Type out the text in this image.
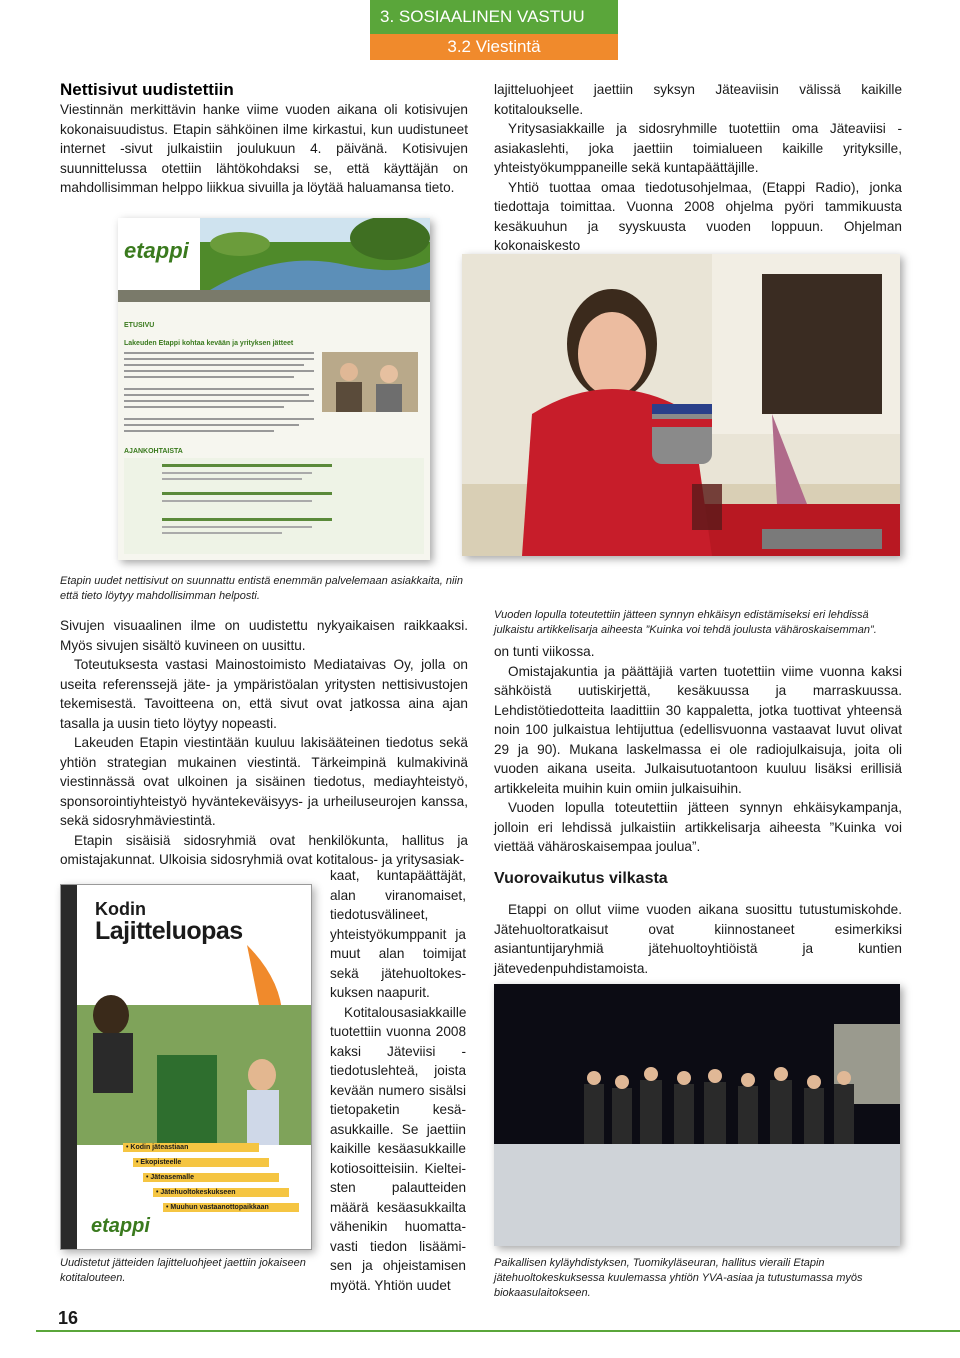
3. SOSIAALINEN VASTUU
3.2 Viestintä
Nettisivut uudistettiin

Viestinnän merkittävin hanke viime vuoden aikana oli kotisivujen kokonaisuudistus. Etapin sähköinen ilme kirkastui, kun uudistuneet internet -sivut julkaistiin joulukuun 4. päivänä. Kotisivujen suunnittelussa otettiin lähtökohdaksi se, että käyttäjän on mahdollisimman helppo liikkua sivuilla ja löytää haluamansa tieto.

etappi
ETUSIVU
Lakeuden Etappi kohtaa kevään ja yrityksen jätteet
AJANKOHTAISTA

lajitteluohjeet jaettiin syksyn Jäteaviisin välissä kaikille kotitaloukselle.

Yritysasiakkaille ja sidosryhmille tuotettiin oma Jäteaviisi -asiakaslehti, joka jaettiin toimialueen kaikille yrityksille, yhteistyökumppaneille sekä kuntapäättäjille.

Yhtiö tuottaa omaa tiedotusohjelmaa, (Etappi Radio), jonka tiedottaja toimittaa. Vuonna 2008 ohjelma pyöri tammikuusta kesäkuuhun ja syyskuusta vuoden loppuun. Ohjelman kokonaiskesto

Etapin uudet nettisivut on suunnattu entistä enemmän palvelemaan asiakkaita, niin että tieto löytyy mahdollisimman helposti.
Vuoden lopulla toteutettiin jätteen synnyn ehkäisyn edistämiseksi eri lehdissä julkaistu artikkelisarja aiheesta ”Kuinka voi tehdä joulusta vähäroskaisemman”.

Sivujen visuaalinen ilme on uudistettu nykyaikaisen raikkaaksi. Myös sivujen sisältö kuvineen on uusittu.

Toteutuksesta vastasi Mainostoimisto Mediataivas Oy, jolla on useita referenssejä jäte- ja ympäristöalan yritysten nettisivustojen tekemisestä. Tavoitteena on, että sivut ovat jatkossa aina ajan tasalla ja uusin tieto löytyy nopeasti.

Lakeuden Etapin viestintään kuuluu lakisääteinen tiedotus sekä yhtiön strategian mukainen viestintä. Tärkeimpinä kulmakivinä viestinnässä ovat ulkoinen ja sisäinen tiedotus, mediayhteistyö, sponsorointiyhteistyö hyväntekeväisyys- ja urheiluseurojen kanssa, sekä sidosryhmäviestintä.

Etapin sisäisiä sidosryhmiä ovat henkilökunta, hallitus ja omistajakunnat. Ulkoisia sidosryhmiä ovat kotitalous- ja yritysasiak-

kaat, kuntapäättäjät, alan viranomaiset, tiedotusvälineet, yhteistyökumppanit ja muut alan toimijat sekä jätehuoltokeskuksen naapurit.

Kotitalousasiakkaille tuotettiin vuonna 2008 kaksi Jäteviisi -tiedotuslehteä, joista kevään numero sisälsi tietopaketin kesäasukkaille. Se jaettiin kaikille kesäasukkaille kotiosoitteisiin. Kielteisten palautteiden määrä kesäasukkailta vähenikin huomattavasti tiedon lisäämisen ja ohjeistamisen myötä. Yhtiön uudet

Kodin
Lajitteluopas
• Kodin jäteastiaan
• Ekopisteelle
• Jäteasemalle
• Jätehuoltokeskukseen
• Muuhun vastaanottopaikkaan
etappi
Uudistetut jätteiden lajitteluohjeet jaettiin jokaiseen kotitalouteen.

on tunti viikossa.

Omistajakuntia ja päättäjiä varten tuotettiin viime vuonna kaksi sähköistä uutiskirjettä, kesäkuussa ja marraskuussa. Lehdistötiedotteita laadittiin 30 kappaletta, jotka tuottivat yhteensä noin 100 julkaistua lehtijuttua (edellisvuonna vastaavat luvut olivat 29 ja 90). Mukana laskelmassa ei ole radiojulkaisuja, joita oli vuoden aikana useita. Julkaisutuotantoon kuuluu lisäksi erillisiä artikkeleita muihin kuin omiin julkaisuihin.

Vuoden lopulla toteutettiin jätteen synnyn ehkäisykampanja, jolloin eri lehdissä julkaistiin artikkelisarja aiheesta ”Kuinka voi viettää vähäroskaisempaa joulua”.

Vuorovaikutus vilkasta

Etappi on ollut viime vuoden aikana suosittu tutustumiskohde. Jätehuoltoratkaisut ovat kiinnostaneet esimerkiksi asiantuntijaryhmiä jätehuoltoyhtiöistä ja kuntien jätevedenpuhdistamoista.

Paikallisen kyläyhdistyksen, Tuomikyläseuran, hallitus vieraili Etapin jätehuoltokeskuksessa kuulemassa yhtiön YVA-asiaa ja tutustumassa myös biokaasulaitokseen.
16
